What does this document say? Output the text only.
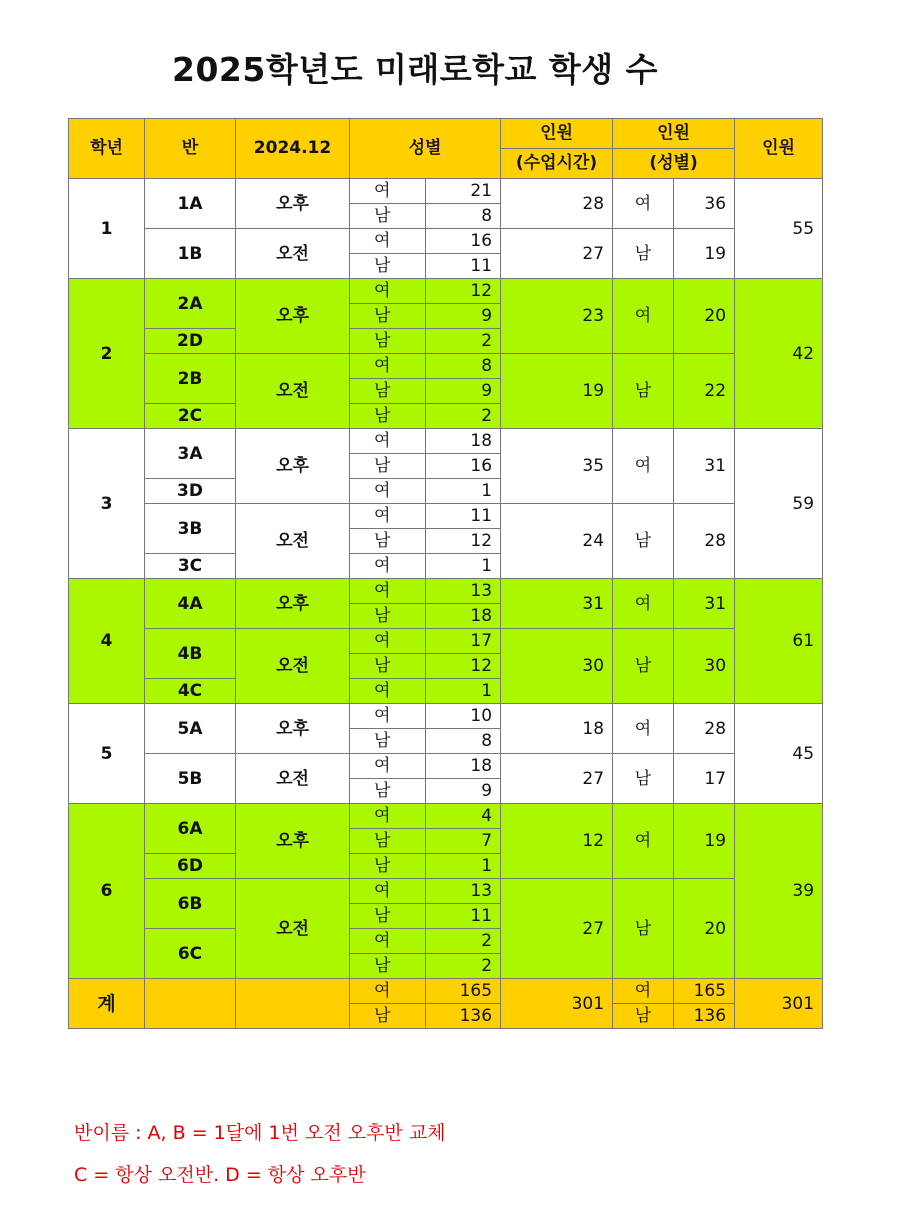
2025학년도 미래로학교 학생 수
학년	반	2024.12	성별		인원	인원		인원
					(수업시간)	(성별)		
1	1A	오후	여	21	28	여	36	55
			남	8				
	1B	오전	여	16	27	남	19	
			남	11				
2	2A	오후	여	12	23	여	20	42
			남	9				
	2D		남	2				
	2B	오전	여	8	19	남	22	
			남	9				
	2C		남	2				
3	3A	오후	여	18	35	여	31	59
			남	16				
	3D		여	1				
	3B	오전	여	11	24	남	28	
			남	12				
	3C		여	1				
4	4A	오후	여	13	31	여	31	61
			남	18				
	4B	오전	여	17	30	남	30	
			남	12				
	4C		여	1				
5	5A	오후	여	10	18	여	28	45
			남	8				
	5B	오전	여	18	27	남	17	
			남	9				
6	6A	오후	여	4	12	여	19	39
			남	7				
	6D		남	1				
	6B	오전	여	13	27	남	20	
			남	11				
	6C		여	2				
			남	2				
계			여	165	301	여	165	301
			남	136		남	136	
반이름 : A, B = 1달에 1번 오전 오후반 교체
C = 항상 오전반. D = 항상 오후반
